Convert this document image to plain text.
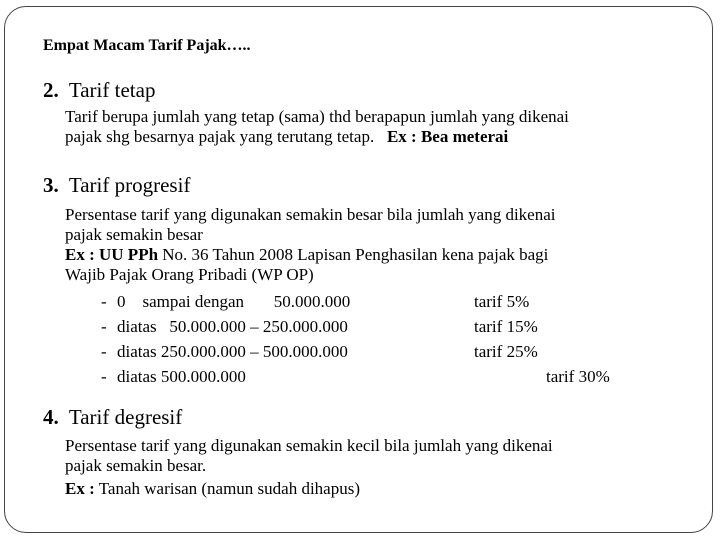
Empat Macam Tarif Pajak…..
2. Tarif tetap
Tarif berupa jumlah yang tetap (sama) thd berapapun jumlah yang dikenai
pajak shg besarnya pajak yang terutang tetap. Ex : Bea meterai
3. Tarif progresif
Persentase tarif yang digunakan semakin besar bila jumlah yang dikenai
pajak semakin besar
Ex : UU PPh No. 36 Tahun 2008 Lapisan Penghasilan kena pajak bagi
Wajib Pajak Orang Pribadi (WP OP)
- 0    sampai dengan       50.000.000	tarif 5%
- diatas   50.000.000 – 250.000.000	tarif 15%
- diatas 250.000.000 – 500.000.000	tarif 25%
- diatas 500.000.000	tarif 30%
4. Tarif degresif
Persentase tarif yang digunakan semakin kecil bila jumlah yang dikenai
pajak semakin besar.
Ex : Tanah warisan (namun sudah dihapus)
